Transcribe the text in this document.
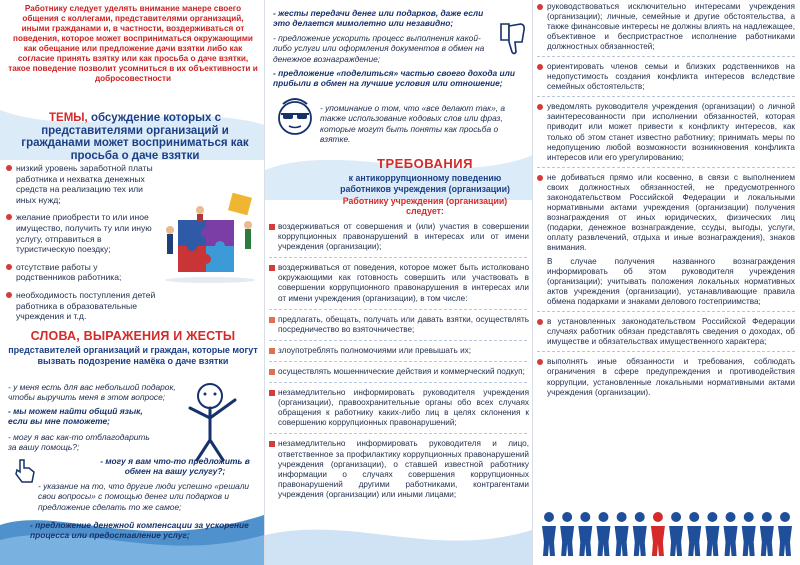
Работнику следует уделять внимание манере своего общения с коллегами, представителями организаций, иными гражданами и, в частности, воздерживаться от поведения, которое может восприниматься окружающими как обещание или предложение дачи взятки либо как согласие принять взятку или как просьба о даче взятки, такое поведение позволит усомниться в их объективности и добросовестности
ТЕМЫ, обсуждение которых с представителями организаций и гражданами может восприниматься как просьба о даче взятки
низкий уровень заработной платы работника и нехватка денежных средств на реализацию тех или иных нужд;
желание приобрести то или иное имущество, получить ту или иную услугу, отправиться в туристическую поездку;
отсутствие работы у родственников работника;
необходимость поступления детей работника в образовательные учреждения и т.д.
СЛОВА, ВЫРАЖЕНИЯ И ЖЕСТЫ
представителей организаций и граждан, которые могут вызвать подозрение намёка о даче взятки
- у меня есть для вас небольшой подарок, чтобы выручить меня в этом вопросе;
- мы можем найти общий язык, если вы мне поможете;
- могу я вас как-то отблагодарить за вашу помощь?;
- могу я вам что-то предложить в обмен на вашу услугу?;
- указание на то, что другие люди успешно «решали свои вопросы» с помощью денег или подарков и предложение сделать то же самое;
- предложение денежной компенсации за ускорение процесса или предоставление услуг;
- жесты передачи денег или подарков, даже если это делается мимолетно или незавидно;
- предложение ускорить процесс выполнения какой-либо услуги или оформления документов в обмен на денежное вознаграждение;
- предложение «поделиться» частью своего дохода или прибыли в обмен на лучшие условия или отношение;
- упоминание о том, что «все делают так», а также использование кодовых слов или фраз, которые могут быть поняты как просьба о взятке.
ТРЕБОВАНИЯ
к антикоррупционному поведению работников учреждения (организации)
Работнику учреждения (организации) следует:
воздерживаться от совершения и (или) участия в совершении коррупционных правонарушений в интересах или от имени учреждения (организации);
воздерживаться от поведения, которое может быть истолковано окружающими как готовность совершить или участвовать в совершении коррупционного правонарушения в интересах или от имени учреждения (организации), в том числе:
предлагать, обещать, получать или давать взятки, осуществлять посредничество во взяточничестве;
злоупотреблять полномочиями или превышать их;
осуществлять мошеннические действия и коммерческий подкуп;
незамедлительно информировать руководителя учреждения (организации), правоохранительные органы обо всех случаях обращения к работнику каких-либо лиц в целях склонения к совершению коррупционных правонарушений;
незамедлительно информировать руководителя и лицо, ответственное за профилактику коррупционных правонарушений учреждения (организации), о ставшей известной работнику информации о случаях совершения коррупционных правонарушений другими работниками, контрагентами учреждения (организации) или иными лицами;
руководствоваться исключительно интересами учреждения (организации); личные, семейные и другие обстоятельства, а также финансовые интересы не должны влиять на надлежащее, объективное и беспристрастное исполнение работниками должностных обязанностей;
ориентировать членов семьи и близких родственников на недопустимость создания конфликта интересов вследствие семейных обстоятельств;
уведомлять руководителя учреждения (организации) о личной заинтересованности при исполнении обязанностей, которая приводит или может привести к конфликту интересов, как только об этом станет известно работнику; принимать меры по недопущению любой возможности возникновения конфликта интересов или его урегулированию;
не добиваться прямо или косвенно, в связи с выполнением своих должностных обязанностей, не предусмотренного законодательством Российской Федерации и локальными нормативными актами учреждения (организации) получения вознаграждения от иных юридических, физических лиц (подарки, денежное вознаграждение, ссуды, выгоды, услуги, оплату развлечений, отдыха и иные вознаграждения), знаков внимания.
В случае получения названного вознаграждения информировать об этом руководителя учреждения (организации); учитывать положения локальных нормативных актов учреждения (организации), устанавливающие правила обмена подарками и знаками делового гостеприимства;
в установленных законодательством Российской Федерации случаях работник обязан представлять сведения о доходах, об имуществе и обязательствах имущественного характера;
выполнять иные обязанности и требования, соблюдать ограничения в сфере предупреждения и противодействия коррупции, установленные локальными нормативными актами учреждения (организации).
